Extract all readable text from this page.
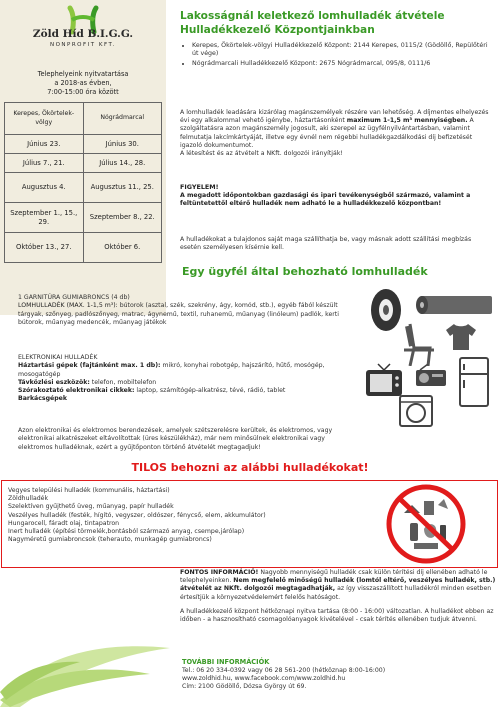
Zöld Híd B.I.G.G.
NONPROFIT KFT.
Telephelyeink nyitvatartása
a 2018-as évben,
7:00-15:00 óra között
Kerepes, Ökörtelek-völgy	Nógrádmarcal
Június 23.	Június 30.
Július 7., 21.	Július 14., 28.
Augusztus 4.	Augusztus 11., 25.
Szeptember 1., 15., 29.	Szeptember 8., 22.
Október 13., 27.	Október 6.
Lakosságnál keletkező lomhulladék átvétele
Hulladékkezelő Központjainkban
• Kerepes, Ökörtelek-völgyi Hulladékkezelő Központ: 2144 Kerepes, 0115/2 (Gödöllő, Repülőtéri út vége)
• Nógrádmarcali Hulladékkezelő Központ: 2675 Nógrádmarcal, 095/8, 0111/6

A lomhulladék leadására kizárólag magánszemélyek részére van lehetőség. A díjmentes elhelyezés évi egy alkalommal vehető igénybe, háztartásonként maximum 1-1,5 m³ mennyiségben. A szolgáltatásra azon magánszemély jogosult, aki szerepel az ügyfélnyilvántartásban, valamint felmutatja lakcímkártyáját, illetve egy évnél nem régebbi hulladékgazdálkodási díj befizetését igazoló dokumentumot.

A létesítést és az átvételt a NKft. dolgozói irányítják!

FIGYELEM!
A megadott időpontokban gazdasági és ipari tevékenységből származó, valamint a feltüntetettől eltérő hulladék nem adható le a hulladékkezelő központban!
A hulladékokat a tulajdonos saját maga szállíthatja be, vagy másnak adott szállítási megbízás esetén személyesen kísérnie kell.
Egy ügyfél által behozható lomhulladék
1 GARNITÚRA GUMIABRONCS (4 db)
LOMHULLADÉK (MAX. 1-1,5 m³): bútorok (asztal, szék, szekrény, ágy, komód, stb.), egyéb fából készült tárgyak, szőnyeg, padlószőnyeg, matrac, ágynemű, textil, ruhanemű, műanyag (linóleum) padlók, kerti bútorok, műanyag medencék, műanyag játékok
ELEKTRONIKAI HULLADÉK
Háztartási gépek (fajtánként max. 1 db): mikró, konyhai robotgép, hajszárító, hűtő, mosógép, mosogatógép
Távközlési eszközök: telefon, mobiltelefon
Szórakoztató elektronikai cikkek: laptop, számítógép-alkatrész, tévé, rádió, tablet
Barkácsgépek
Azon elektronikai és elektromos berendezések, amelyek szétszerelésre kerültek, és elektromos, vagy elektronikai alkatrészeket eltávolítottak (üres készülékház), már nem minősülnek elektronikai vagy elektromos hulladéknak, ezért a gyűjtőponton történő átvételét megtagadjuk!
TILOS behozni az alábbi hulladékokat!
Vegyes települési hulladék (kommunális, háztartási)
Zöldhulladék
Szelektíven gyűjthető üveg, műanyag, papír hulladék
Veszélyes hulladék (festék, hígító, vegyszer, oldószer, fénycső, elem, akkumulátor)
Hungarocell, fáradt olaj, tintapatron
Inert hulladék (építési törmelék,bontásból származó anyag, csempe,járólap)
Nagyméretű gumiabroncsok (teherauto, munkagép gumiabroncs)

FONTOS INFORMÁCIÓ! Nagyobb mennyiségű hulladék csak külön térítési díj ellenében adható le telephelyeinken. Nem megfelelő minőségű hulladék (lomtól eltérő, veszélyes hulladék, stb.) átvételét az NKft. dolgozói megtagadhatják, az így visszaszállított hulladékról minden esetben értesítjük a környezetvédelemért felelős hatóságot.

A hulladékkezelő központ hétköznapi nyitva tartása (8:00 - 16:00) változatlan. A hulladékot ebben az időben - a hasznosítható csomagolóanyagok kivételével - csak térítés ellenében tudjuk átvenni.

TOVÁBBI INFORMÁCIÓK
Tel.: 06 20 334-0392 vagy 06 28 561-200 (hétköznap 8:00-16:00)
www.zoldhid.hu, www.facebook.com/www.zoldhid.hu
Cím: 2100 Gödöllő, Dózsa György út 69.
